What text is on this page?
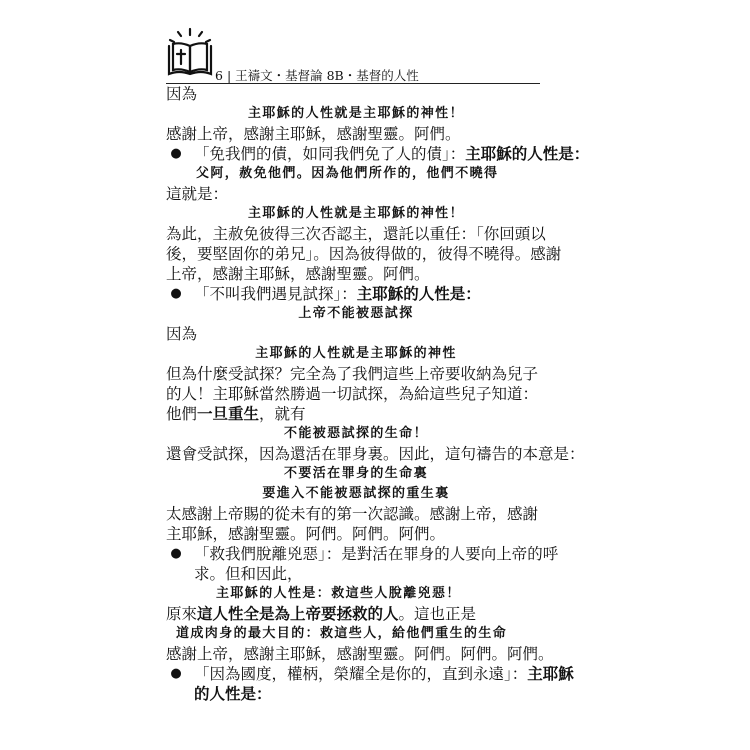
6 | 王禱文・基督論 8B・基督的人性
因為
主耶穌的人性就是主耶穌的神性！
感謝上帝，感謝主耶穌，感謝聖靈。阿們。
● 「免我們的債，如同我們免了人的債」：主耶穌的人性是：
父阿，赦免他們。因為他們所作的，他們不曉得
這就是：
主耶穌的人性就是主耶穌的神性！
為此，主赦免彼得三次否認主，還託以重任：「你回頭以
後，要堅固你的弟兄」。因為彼得做的，彼得不曉得。感謝
上帝，感謝主耶穌，感謝聖靈。阿們。
● 「不叫我們遇見試探」：主耶穌的人性是：
上帝不能被惡試探
因為
主耶穌的人性就是主耶穌的神性
但為什麼受試探？完全為了我們這些上帝要收納為兒子
的人！主耶穌當然勝過一切試探，為給這些兒子知道：
他們一旦重生，就有
不能被惡試探的生命！
還會受試探，因為還活在罪身裏。因此，這句禱告的本意是：
不要活在罪身的生命裏
要進入不能被惡試探的重生裏
太感謝上帝賜的從未有的第一次認識。感謝上帝，感謝
主耶穌，感謝聖靈。阿們。阿們。阿們。
● 「救我們脫離兇惡」：是對活在罪身的人要向上帝的呼
求。但和因此，
主耶穌的人性是：救這些人脫離兇惡！
原來這人性全是為上帝要拯救的人。這也正是
道成肉身的最大目的：救這些人，給他們重生的生命
感謝上帝，感謝主耶穌，感謝聖靈。阿們。阿們。阿們。
● 「因為國度，權柄，榮耀全是你的，直到永遠」：主耶穌
的人性是：
